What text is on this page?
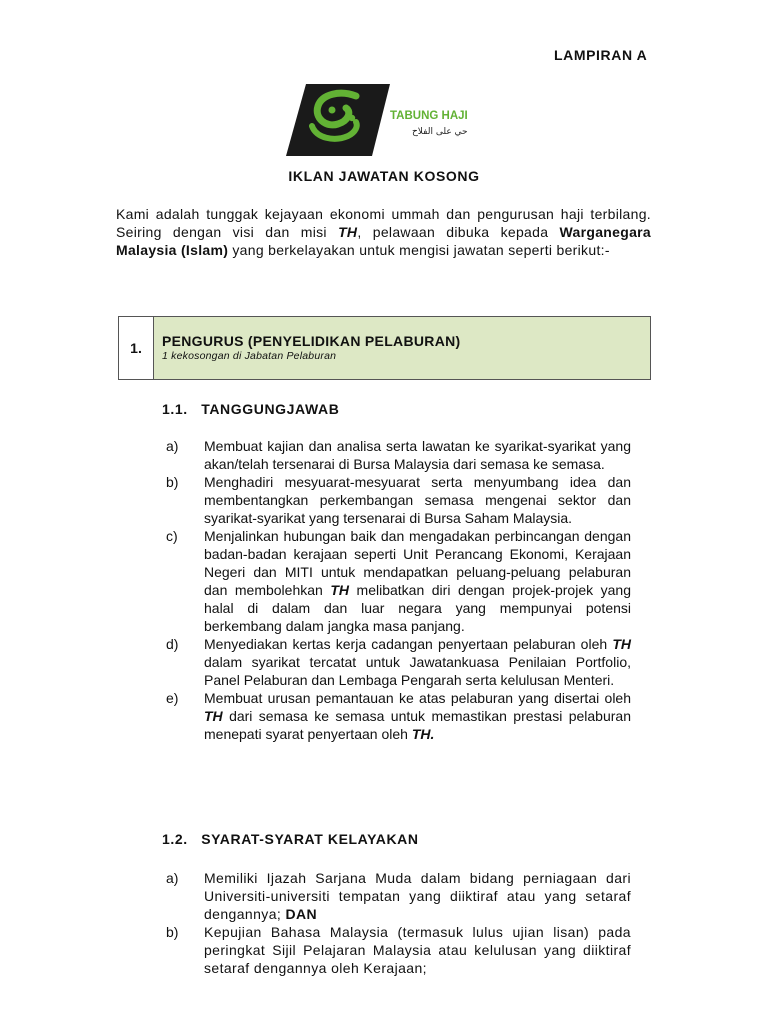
LAMPIRAN A
TABUNG HAJI
حي على الفلاح
IKLAN JAWATAN KOSONG

Kami adalah tunggak kejayaan ekonomi ummah dan pengurusan haji terbilang. Seiring dengan visi dan misi TH, pelawaan dibuka kepada Warganegara Malaysia (Islam) yang berkelayakan untuk mengisi jawatan seperti berikut:-

1.	PENGURUS (PENYELIDIKAN PELABURAN)
1 kekosongan di Jabatan Pelaburan
1.1.   TANGGUNGJAWAB
a)	Membuat kajian dan analisa serta lawatan ke syarikat-syarikat yang akan/telah tersenarai di Bursa Malaysia dari semasa ke semasa.
b)	Menghadiri mesyuarat-mesyuarat serta menyumbang idea dan membentangkan perkembangan semasa mengenai sektor dan syarikat-syarikat yang tersenarai di Bursa Saham Malaysia.
c)	Menjalinkan hubungan baik dan mengadakan perbincangan dengan badan-badan kerajaan seperti Unit Perancang Ekonomi, Kerajaan Negeri dan MITI untuk mendapatkan peluang-peluang pelaburan dan membolehkan TH melibatkan diri dengan projek-projek yang halal di dalam dan luar negara yang mempunyai potensi berkembang dalam jangka masa panjang.
d)	Menyediakan kertas kerja cadangan penyertaan pelaburan oleh TH dalam syarikat tercatat untuk Jawatankuasa Penilaian Portfolio, Panel Pelaburan dan Lembaga Pengarah serta kelulusan Menteri.
e)	Membuat urusan pemantauan ke atas pelaburan yang disertai oleh TH dari semasa ke semasa untuk memastikan prestasi pelaburan menepati syarat penyertaan oleh TH.
1.2.   SYARAT-SYARAT KELAYAKAN
a)	Memiliki Ijazah Sarjana Muda dalam bidang perniagaan dari Universiti-universiti tempatan yang diiktiraf atau yang setaraf dengannya; DAN
b)	Kepujian Bahasa Malaysia (termasuk lulus ujian lisan) pada peringkat Sijil Pelajaran Malaysia atau kelulusan yang diiktiraf setaraf dengannya oleh Kerajaan;
